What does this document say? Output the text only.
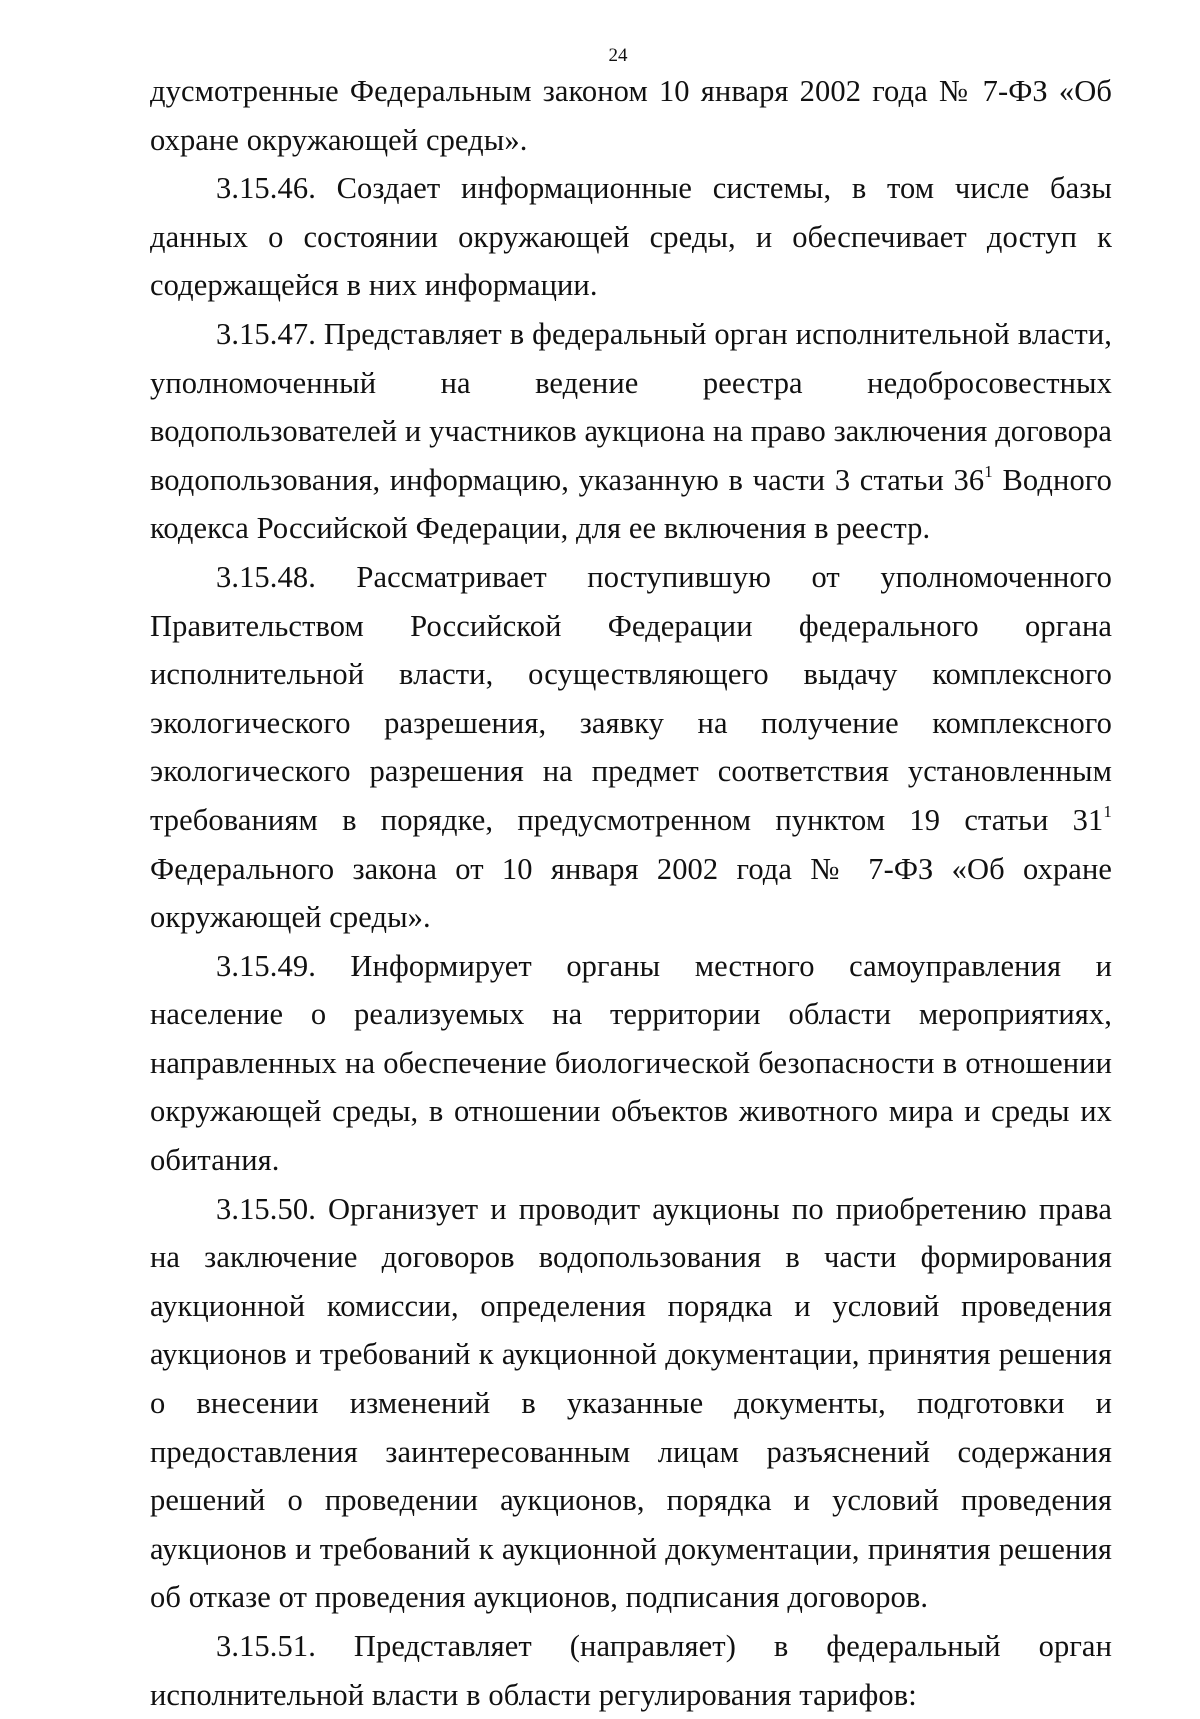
24

дусмотренные Федеральным законом 10 января 2002 года № 7-ФЗ «Об охране окружающей среды».

3.15.46. Создает информационные системы, в том числе базы данных о состоянии окружающей среды, и обеспечивает доступ к содержащейся в них информации.

3.15.47. Представляет в федеральный орган исполнительной власти, уполномоченный на ведение реестра недобросовестных водопользователей и участников аукциона на право заключения договора водопользования, информацию, указанную в части 3 статьи $36^1$ Водного кодекса Российской Федерации, для ее включения в реестр.

3.15.48. Рассматривает поступившую от уполномоченного Правительством Российской Федерации федерального органа исполнительной власти, осуществляющего выдачу комплексного экологического разрешения, заявку на получение комплексного экологического разрешения на предмет соответствия установленным требованиям в порядке, предусмотренном пунктом 19 статьи $31^1$ Федерального закона от 10 января 2002 года № 7-ФЗ «Об охране окружающей среды».

3.15.49. Информирует органы местного самоуправления и население о реализуемых на территории области мероприятиях, направленных на обеспечение биологической безопасности в отношении окружающей среды, в отношении объектов животного мира и среды их обитания.

3.15.50. Организует и проводит аукционы по приобретению права на заключение договоров водопользования в части формирования аукционной комиссии, определения порядка и условий проведения аукционов и требований к аукционной документации, принятия решения о внесении изменений в указанные документы, подготовки и предоставления заинтересованным лицам разъяснений содержания решений о проведении аукционов, порядка и условий проведения аукционов и требований к аукционной документации, принятия решения об отказе от проведения аукционов, подписания договоров.

3.15.51. Представляет (направляет) в федеральный орган исполнительной власти в области регулирования тарифов:
